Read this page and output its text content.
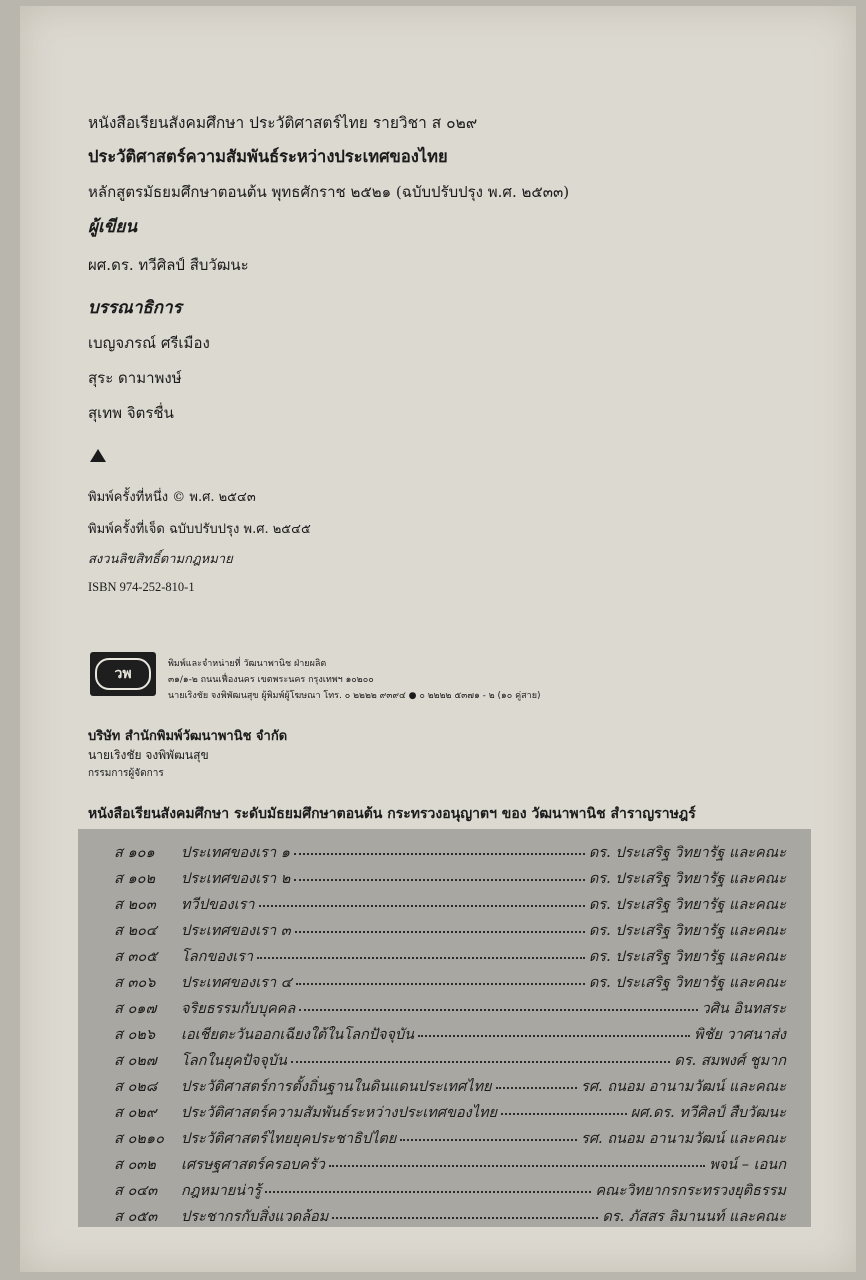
หนังสือเรียนสังคมศึกษา ประวัติศาสตร์ไทย รายวิชา ส ๐๒๙
ประวัติศาสตร์ความสัมพันธ์ระหว่างประเทศของไทย
หลักสูตรมัธยมศึกษาตอนต้น พุทธศักราช ๒๕๒๑ (ฉบับปรับปรุง พ.ศ. ๒๕๓๓)
ผู้เขียน
ผศ.ดร. ทวีศิลป์ สืบวัฒนะ
บรรณาธิการ
เบญจภรณ์ ศรีเมือง
สุระ ดามาพงษ์
สุเทพ จิตรชื่น
พิมพ์ครั้งที่หนึ่ง © พ.ศ. ๒๕๔๓
พิมพ์ครั้งที่เจ็ด ฉบับปรับปรุง พ.ศ. ๒๕๔๕
สงวนลิขสิทธิ์ตามกฎหมาย
ISBN 974-252-810-1
วพ
พิมพ์และจำหน่ายที่ วัฒนาพานิช ฝ่ายผลิต
๓๑/๑-๒ ถนนเฟื่องนคร เขตพระนคร กรุงเทพฯ ๑๐๒๐๐
นายเริงชัย จงพิพัฒนสุข ผู้พิมพ์ผู้โฆษณา โทร. ๐ ๒๒๒๒ ๙๓๙๔ ● ๐ ๒๒๒๒ ๕๓๗๑ - ๒ (๑๐ คู่สาย)
บริษัท สำนักพิมพ์วัฒนาพานิช จำกัด
นายเริงชัย จงพิพัฒนสุข
กรรมการผู้จัดการ
หนังสือเรียนสังคมศึกษา ระดับมัธยมศึกษาตอนต้น กระทรวงอนุญาตฯ ของ วัฒนาพานิช สำราญราษฎร์
ส ๑๐๑ ประเทศของเรา ๑	ดร. ประเสริฐ วิทยารัฐ และคณะ
ส ๑๐๒ ประเทศของเรา ๒	ดร. ประเสริฐ วิทยารัฐ และคณะ
ส ๒๐๓ ทวีปของเรา	ดร. ประเสริฐ วิทยารัฐ และคณะ
ส ๒๐๔ ประเทศของเรา ๓	ดร. ประเสริฐ วิทยารัฐ และคณะ
ส ๓๐๕ โลกของเรา	ดร. ประเสริฐ วิทยารัฐ และคณะ
ส ๓๐๖ ประเทศของเรา ๔	ดร. ประเสริฐ วิทยารัฐ และคณะ
ส ๐๑๗ จริยธรรมกับบุคคล	วศิน อินทสระ
ส ๐๒๖ เอเชียตะวันออกเฉียงใต้ในโลกปัจจุบัน	พิชัย วาศนาส่ง
ส ๐๒๗ โลกในยุคปัจจุบัน	ดร. สมพงศ์ ชูมาก
ส ๐๒๘ ประวัติศาสตร์การตั้งถิ่นฐานในดินแดนประเทศไทย	รศ. ถนอม อานามวัฒน์ และคณะ
ส ๐๒๙ ประวัติศาสตร์ความสัมพันธ์ระหว่างประเทศของไทย	ผศ.ดร. ทวีศิลป์ สืบวัฒนะ
ส ๐๒๑๐ ประวัติศาสตร์ไทยยุคประชาธิปไตย	รศ. ถนอม อานามวัฒน์ และคณะ
ส ๐๓๒ เศรษฐศาสตร์ครอบครัว	พจน์ – เอนก
ส ๐๔๓ กฎหมายน่ารู้	คณะวิทยากรกระทรวงยุติธรรม
ส ๐๕๓ ประชากรกับสิ่งแวดล้อม	ดร. ภัสสร ลิมานนท์ และคณะ
